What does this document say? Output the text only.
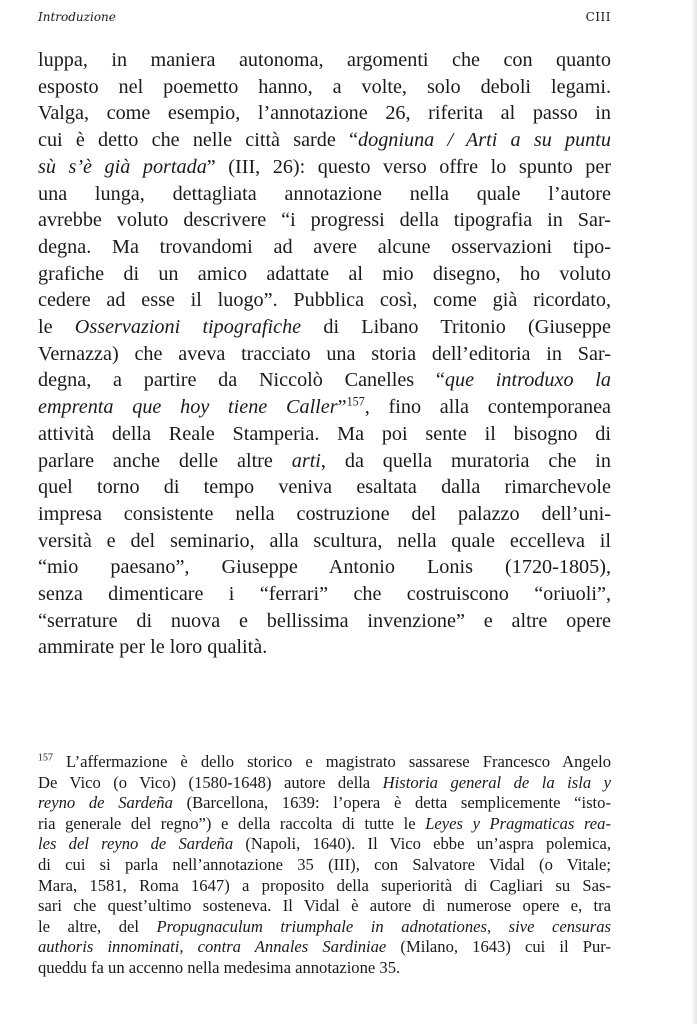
Introduzione	CIII
luppa, in maniera autonoma, argomenti che con quanto
esposto nel poemetto hanno, a volte, solo deboli legami.
Valga, come esempio, l’annotazione 26, riferita al passo in
cui è detto che nelle città sarde “dogniuna / Arti a su puntu
sù s’è già portada” (III, 26): questo verso offre lo spunto per
una lunga, dettagliata annotazione nella quale l’autore
avrebbe voluto descrivere “i progressi della tipografia in Sar-
degna. Ma trovandomi ad avere alcune osservazioni tipo-
grafiche di un amico adattate al mio disegno, ho voluto
cedere ad esse il luogo”. Pubblica così, come già ricordato,
le Osservazioni tipografiche di Libano Tritonio (Giuseppe
Vernazza) che aveva tracciato una storia dell’editoria in Sar-
degna, a partire da Niccolò Canelles “que introduxo la
emprenta que hoy tiene Caller”$^{157}$, fino alla contemporanea
attività della Reale Stamperia. Ma poi sente il bisogno di
parlare anche delle altre arti, da quella muratoria che in
quel torno di tempo veniva esaltata dalla rimarchevole
impresa consistente nella costruzione del palazzo dell’uni-
versità e del seminario, alla scultura, nella quale eccelleva il
“mio paesano”, Giuseppe Antonio Lonis (1720-1805),
senza dimenticare i “ferrari” che costruiscono “oriuoli”,
“serrature di nuova e bellissima invenzione” e altre opere
ammirate per le loro qualità.
$^{157}$ L’affermazione è dello storico e magistrato sassarese Francesco Angelo
De Vico (o Vico) (1580-1648) autore della Historia general de la isla y
reyno de Sardeña (Barcellona, 1639: l’opera è detta semplicemente “isto-
ria generale del regno”) e della raccolta di tutte le Leyes y Pragmaticas rea-
les del reyno de Sardeña (Napoli, 1640). Il Vico ebbe un’aspra polemica,
di cui si parla nell’annotazione 35 (III), con Salvatore Vidal (o Vitale;
Mara, 1581, Roma 1647) a proposito della superiorità di Cagliari su Sas-
sari che quest’ultimo sosteneva. Il Vidal è autore di numerose opere e, tra
le altre, del Propugnaculum triumphale in adnotationes, sive censuras
authoris innominati, contra Annales Sardiniae (Milano, 1643) cui il Pur-
queddu fa un accenno nella medesima annotazione 35.
